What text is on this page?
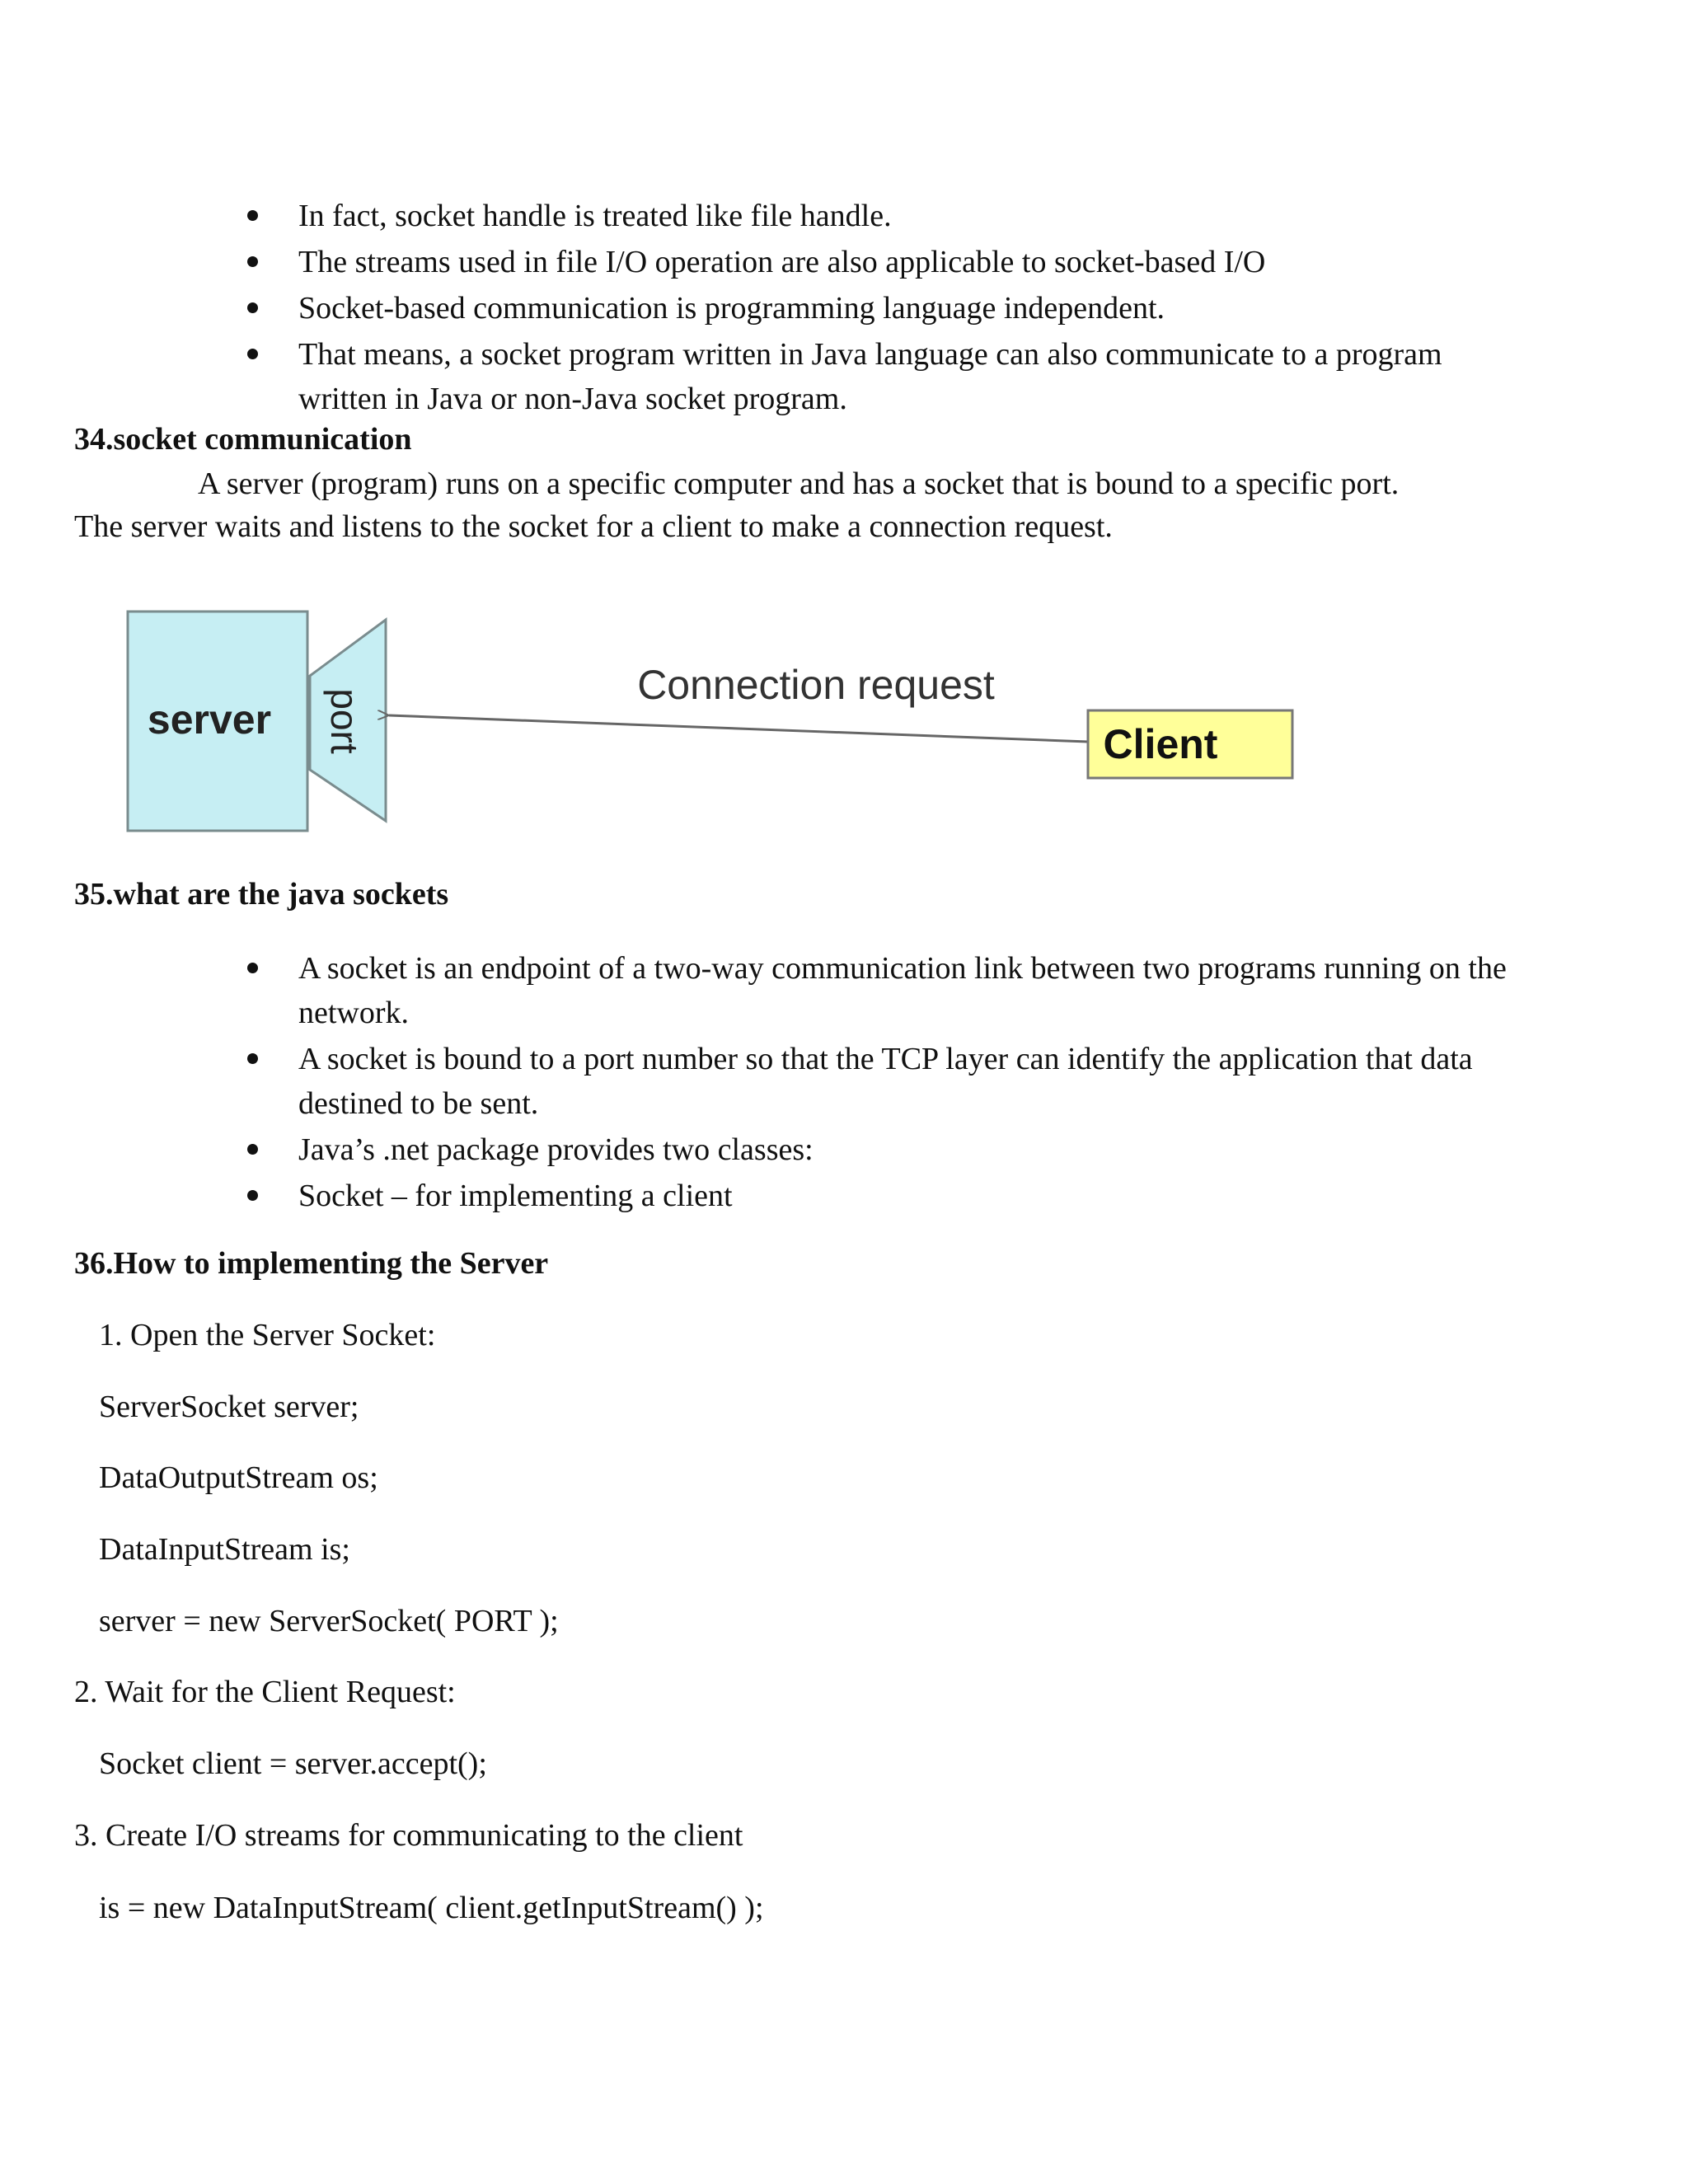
In fact, socket handle is treated like file handle.
The streams used in file I/O operation are also applicable to socket-based I/O
Socket-based communication is programming language independent.
That means, a socket program written in Java language can also communicate to a program written in Java or non-Java socket program.
34.socket communication

A server (program) runs on a specific computer and has a socket that is bound to a specific port.

The server waits and listens to the socket for a client to make a connection request.

server port
Connection request
Client
35.what are the java sockets
A socket is an endpoint of a two-way communication link between two programs running on the network.
A socket is bound to a port number so that the TCP layer can identify the application that data destined to be sent.
Java’s .net package provides two classes:
Socket – for implementing a client
36.How to implementing the Server

1. Open the Server Socket:

ServerSocket server;

DataOutputStream os;

DataInputStream is;

server = new ServerSocket( PORT );

2. Wait for the Client Request:

Socket client = server.accept();

3. Create I/O streams for communicating to the client

is = new DataInputStream( client.getInputStream() );
